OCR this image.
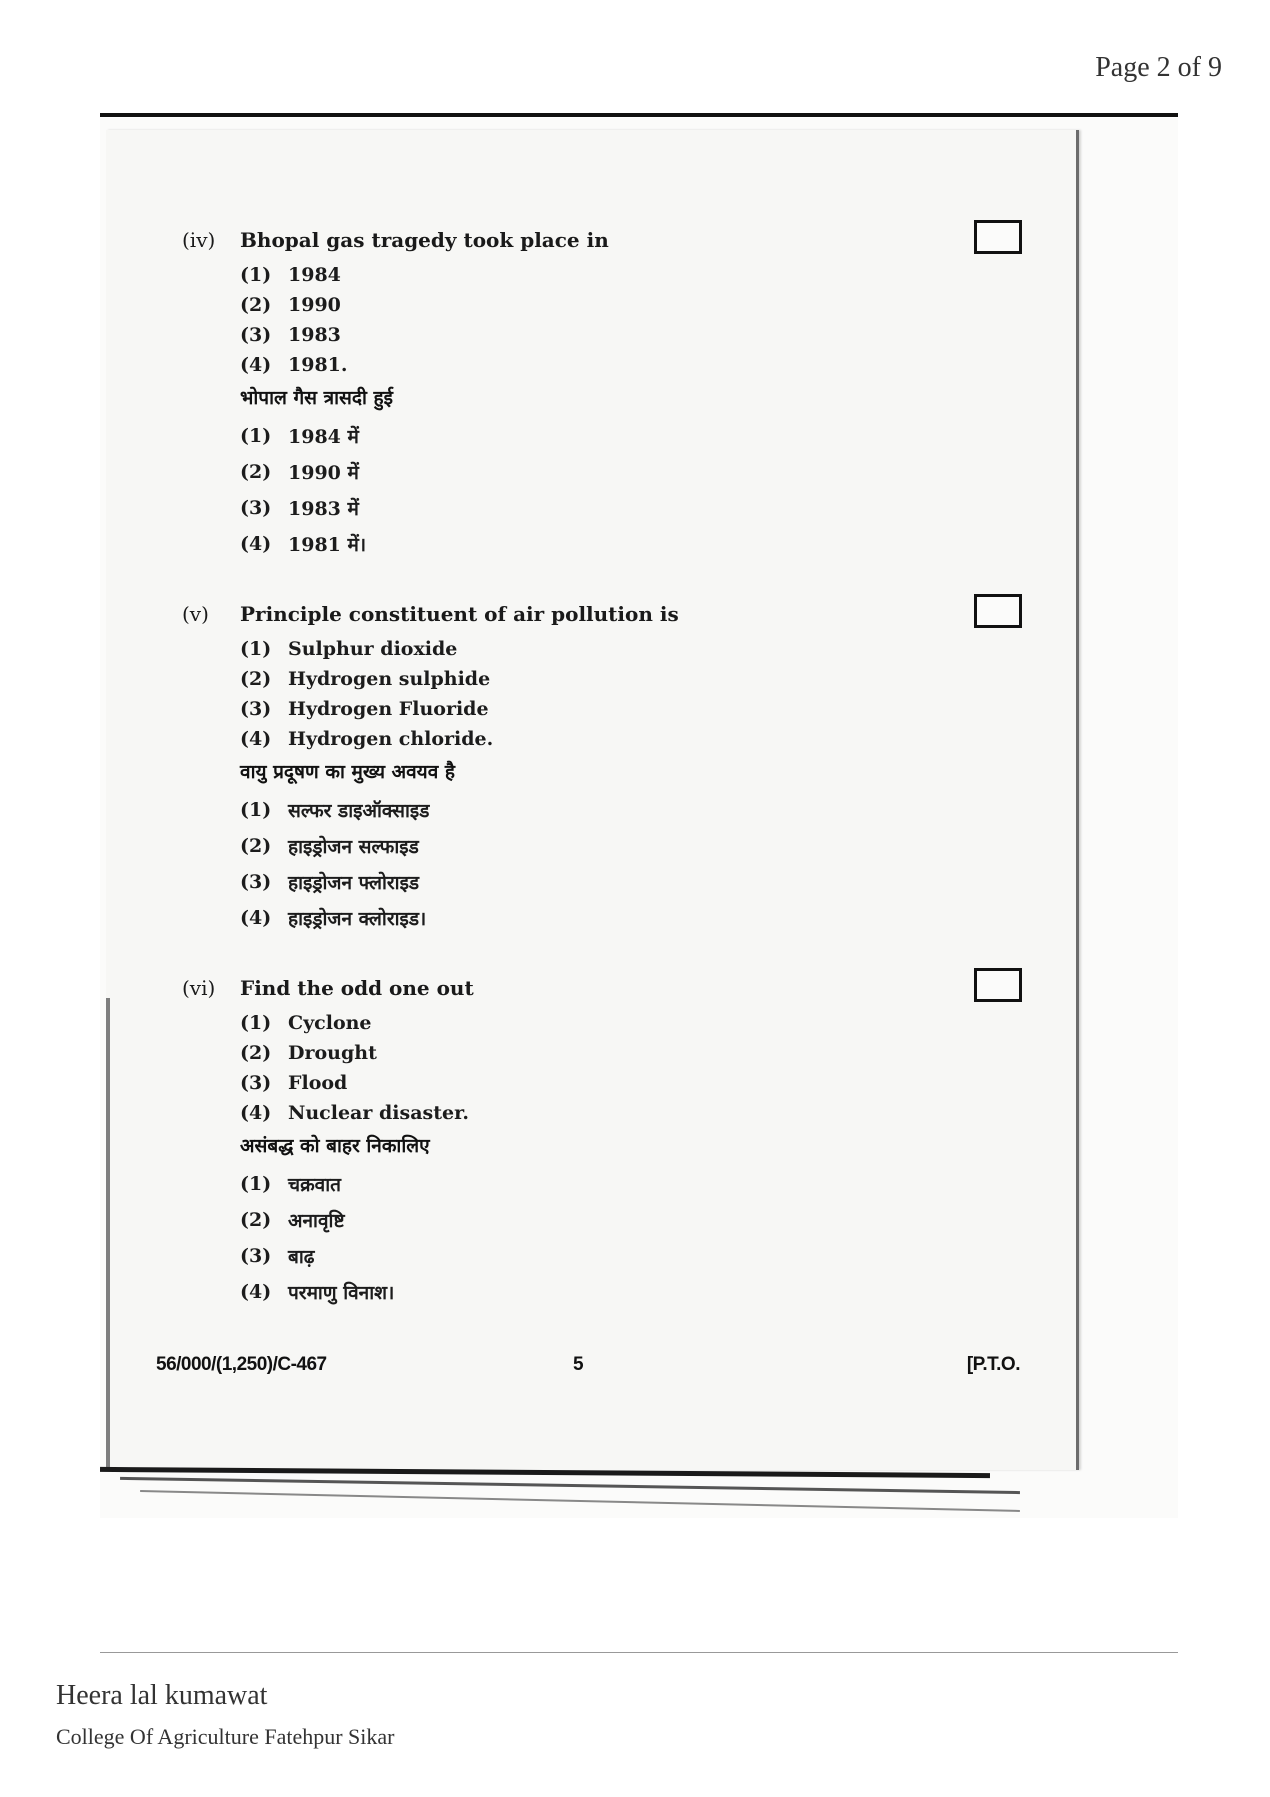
Page 2 of 9
(iv)	Bhopal gas tragedy took place in
(1) 1984
(2) 1990
(3) 1983
(4) 1981.
भोपाल गैस त्रासदी हुई
(1) 1984 में
(2) 1990 में
(3) 1983 में
(4) 1981 में।
(v)	Principle constituent of air pollution is
(1) Sulphur dioxide
(2) Hydrogen sulphide
(3) Hydrogen Fluoride
(4) Hydrogen chloride.
वायु प्रदूषण का मुख्य अवयव है
(1) सल्फर डाइऑक्साइड
(2) हाइड्रोजन सल्फाइड
(3) हाइड्रोजन फ्लोराइड
(4) हाइड्रोजन क्लोराइड।
(vi)	Find the odd one out
(1) Cyclone
(2) Drought
(3) Flood
(4) Nuclear disaster.
असंबद्ध को बाहर निकालिए
(1) चक्रवात
(2) अनावृष्टि
(3) बाढ़
(4) परमाणु विनाश।
56/000/(1,250)/C-467	5	[P.T.O.
Heera lal kumawat
College Of Agriculture Fatehpur Sikar
